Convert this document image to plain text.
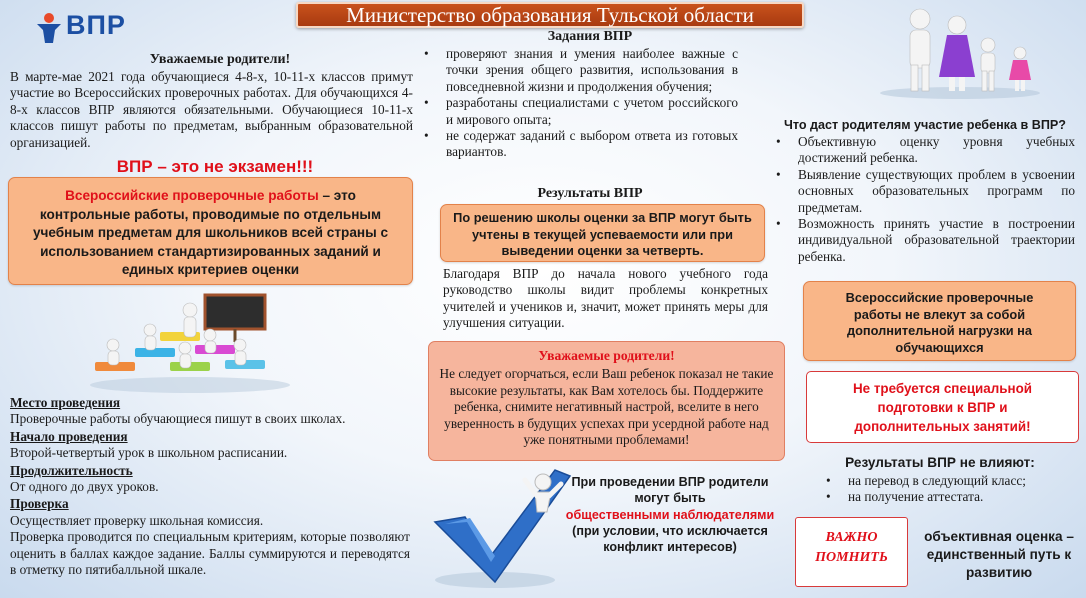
Министерство образования Тульской области
ВПР
Уважаемые родители!
В марте-мае 2021 года обучающиеся 4-8-х, 10-11-х классов примут участие во Всероссийских проверочных работах. Для обучающихся 4-8-х классов ВПР являются обязательными. Обучающиеся 10-11-х классов пишут работы по предметам, выбранным образовательной организацией.
ВПР – это не экзамен!!!
Всероссийские проверочные работы – это контрольные работы, проводимые по отдельным учебным предметам для школьников всей страны с использованием стандартизированных заданий и единых критериев оценки
Место проведения
Проверочные работы обучающиеся пишут в своих школах.
Начало проведения
Второй-четвертый урок в школьном расписании.
Продолжительность
От одного до двух уроков.
Проверка
Осуществляет проверку школьная комиссия.
Проверка проводится по специальным критериям, которые позволяют оценить в баллах каждое задание. Баллы суммируются и переводятся в отметку по пятибалльной шкале.
Задания ВПР
• проверяют знания и умения наиболее важные с точки зрения общего развития, использования в повседневной жизни и продолжения обучения;
• разработаны специалистами с учетом российского и мирового опыта;
• не содержат заданий с выбором ответа из готовых вариантов.
Результаты ВПР
По решению школы оценки за ВПР могут быть учтены в текущей успеваемости или при выведении оценки за четверть.
Благодаря ВПР до начала нового учебного года руководство школы видит проблемы конкретных учителей и учеников и, значит, может принять меры для улучшения ситуации.
Уважаемые родители!
Не следует огорчаться, если Ваш ребенок показал не такие высокие результаты, как Вам хотелось бы. Поддержите ребенка, снимите негативный настрой, вселите в него уверенность в будущих успехах при усердной работе над уже понятными проблемами!
При проведении ВПР родители могут быть
общественными наблюдателями
(при условии, что исключается конфликт интересов)
Что даст родителям участие ребенка в ВПР?
• Объективную оценку уровня учебных достижений ребенка.
• Выявление существующих проблем в усвоении основных образовательных программ по предметам.
• Возможность принять участие в построении индивидуальной образовательной траектории ребенка.
Всероссийские проверочные работы не влекут за собой дополнительной нагрузки на обучающихся
Не требуется специальной подготовки к ВПР и дополнительных занятий!
Результаты ВПР не влияют:
• на перевод в следующий класс;
• на получение аттестата.
ВАЖНО ПОМНИТЬ
объективная оценка – единственный путь к развитию
